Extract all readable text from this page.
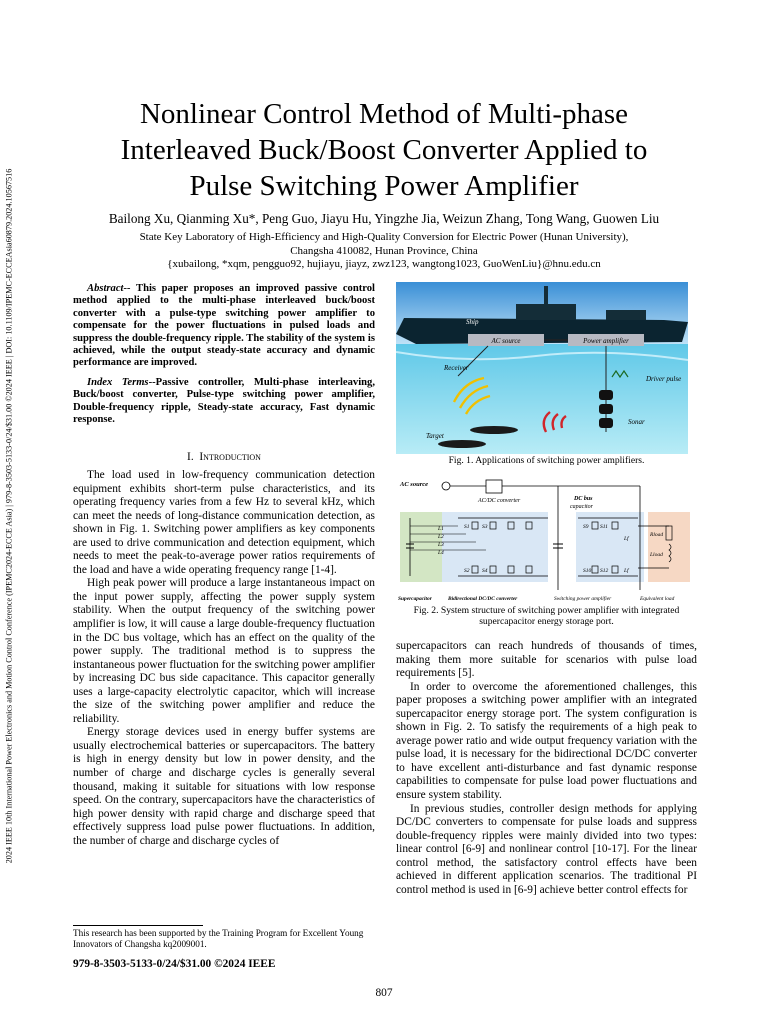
2024 IEEE 10th International Power Electronics and Motion Control Conference (IPEMC2024-ECCE Asia) | 979-8-3503-5133-0/24/$31.00 ©2024 IEEE | DOI: 10.1109/IPEMC-ECCEAsia60879.2024.10567516
Nonlinear Control Method of Multi-phase
Interleaved Buck/Boost Converter Applied to
Pulse Switching Power Amplifier
Bailong Xu, Qianming Xu*, Peng Guo, Jiayu Hu, Yingzhe Jia, Weizun Zhang, Tong Wang, Guowen Liu
State Key Laboratory of High-Efficiency and High-Quality Conversion for Electric Power (Hunan University),
Changsha 410082, Hunan Province, China
{xubailong, *xqm, pengguo92, hujiayu, jiayz, zwz123, wangtong1023, GuoWenLiu}@hnu.edu.cn

Abstract-- This paper proposes an improved passive control method applied to the multi-phase interleaved buck/boost converter with a pulse-type switching power amplifier to compensate for the power fluctuations in pulsed loads and suppress the double-frequency ripple. The stability of the system is achieved, while the output steady-state accuracy and dynamic performance are improved.

Index Terms--Passive controller, Multi-phase interleaving, Buck/boost converter, Pulse-type switching power amplifier, Double-frequency ripple, Steady-state accuracy, Fast dynamic response.

I. Introduction

The load used in low-frequency communication detection equipment exhibits short-term pulse characteristics, and its operating frequency varies from a few Hz to several kHz, which can meet the needs of long-distance communication detection, as shown in Fig. 1. Switching power amplifiers as key components are used to drive communication and detection equipment, which needs to meet the peak-to-average power ratios requirements of the load and have a wide operating frequency range [1-4].

High peak power will produce a large instantaneous impact on the input power supply, affecting the power supply system stability. When the output frequency of the switching power amplifier is low, it will cause a large double-frequency fluctuation in the DC bus voltage, which has an effect on the quality of the power supply. The traditional method is to suppress the instantaneous power fluctuation for the switching power amplifier by increasing DC bus side capacitance. This capacitor generally uses a large-capacity electrolytic capacitor, which will increase the size of the switching power amplifier and reduce the reliability.

Energy storage devices used in energy buffer systems are usually electrochemical batteries or supercapacitors. The battery is high in energy density but low in power density, and the number of charge and discharge cycles is generally several thousand, making it suitable for situations with low response speed. On the contrary, supercapacitors have the characteristics of high power density with rapid charge and discharge speed that effectively suppress load pulse power fluctuations. In addition, the number of charge and discharge cycles of

AC source	Power amplifier
Ship
Receiver
Driver pulse
Sonar
Target
Fig. 1. Applications of switching power amplifiers.
AC source
AC/DC converter	DC bus
capacitor
L1
L2
L3
L4
S1 S3
S2 S4
S9 S11
S10 S12
Lf
Lf
Rload
Lload
Supercapacitor	Bidirectional DC/DC converter	Switching power amplifier	Equivalent load
Fig. 2. System structure of switching power amplifier with integrated
supercapacitor energy storage port.

supercapacitors can reach hundreds of thousands of times, making them more suitable for scenarios with pulse load requirements [5].

In order to overcome the aforementioned challenges, this paper proposes a switching power amplifier with an integrated supercapacitor energy storage port. The system configuration is shown in Fig. 2. To satisfy the requirements of a high peak to average power ratio and wide output frequency variation with the pulse load, it is necessary for the bidirectional DC/DC converter to have excellent anti-disturbance and fast dynamic response capabilities to compensate for pulse load power fluctuations and ensure system stability.

In previous studies, controller design methods for applying DC/DC converters to compensate for pulse loads and suppress double-frequency ripples were mainly divided into two types: linear control [6-9] and nonlinear control [10-17]. For the linear control method, the satisfactory control effects have been achieved in different application scenarios. The traditional PI control method is used in [6-9] achieve better control effects for

This research has been supported by the Training Program for Excellent Young Innovators of Changsha kq2009001.
979-8-3503-5133-0/24/$31.00 ©2024 IEEE
807
